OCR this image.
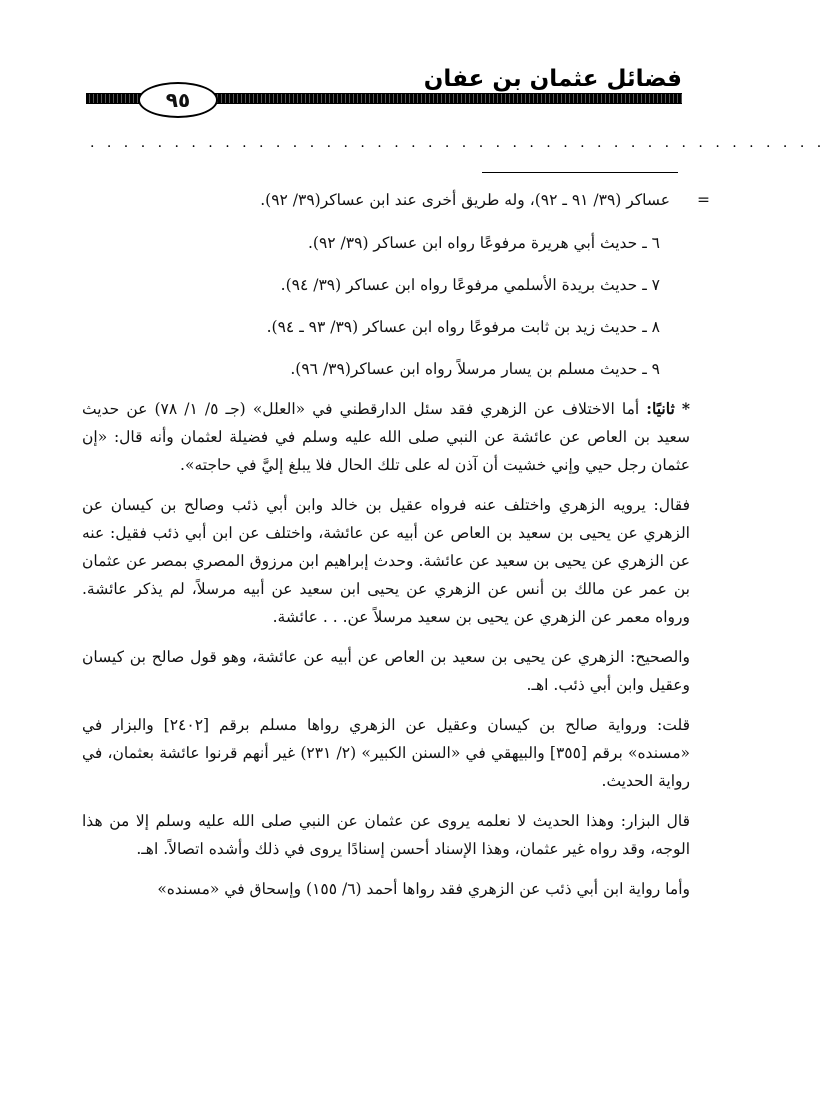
فضائل عثمان بن عفان
٩٥
. . . . . . . . . . . . . . . . . . . . . . . . . . . . . . . . . . . . . . . . . . . .

=
عساكر (٣٩/ ٩١ ـ ٩٢)، وله طريق أخرى عند ابن عساكر(٣٩/ ٩٢).

٦ ـ حديث أبي هريرة مرفوعًا رواه ابن عساكر (٣٩/ ٩٢).

٧ ـ حديث بريدة الأسلمي مرفوعًا رواه ابن عساكر (٣٩/ ٩٤).

٨ ـ حديث زيد بن ثابت مرفوعًا رواه ابن عساكر (٣٩/ ٩٣ ـ ٩٤).

٩ ـ حديث مسلم بن يسار مرسلاً رواه ابن عساكر(٣٩/ ٩٦).

* ثانيًا: أما الاختلاف عن الزهري فقد سئل الدارقطني في «العلل» (جـ ٥/ ١/ ٧٨) عن حديث سعيد بن العاص عن عائشة عن النبي صلى الله عليه وسلم في فضيلة لعثمان وأنه قال: «إن عثمان رجل حيي وإني خشيت أن آذن له على تلك الحال فلا يبلغ إليَّ في حاجته».

فقال: يرويه الزهري واختلف عنه فرواه عقيل بن خالد وابن أبي ذئب وصالح بن كيسان عن الزهري عن يحيى بن سعيد بن العاص عن أبيه عن عائشة، واختلف عن ابن أبي ذئب فقيل: عنه عن الزهري عن يحيى بن سعيد عن عائشة. وحدث إبراهيم ابن مرزوق المصري بمصر عن عثمان بن عمر عن مالك بن أنس عن الزهري عن يحيى ابن سعيد عن أبيه مرسلاً، لم يذكر عائشة. ورواه معمر عن الزهري عن يحيى بن سعيد مرسلاً عن. . . عائشة.

والصحيح: الزهري عن يحيى بن سعيد بن العاص عن أبيه عن عائشة، وهو قول صالح بن كيسان وعقيل وابن أبي ذئب. اهـ.

قلت: ورواية صالح بن كيسان وعقيل عن الزهري رواها مسلم برقم [٢٤٠٢] والبزار في «مسنده» برقم [٣٥٥] والبيهقي في «السنن الكبير» (٢/ ٢٣١) غير أنهم قرنوا عائشة بعثمان، في رواية الحديث.

قال البزار: وهذا الحديث لا نعلمه يروى عن عثمان عن النبي صلى الله عليه وسلم إلا من هذا الوجه، وقد رواه غير عثمان، وهذا الإسناد أحسن إسنادًا يروى في ذلك وأشده اتصالاً. اهـ.

وأما رواية ابن أبي ذئب عن الزهري فقد رواها أحمد (٦/ ١٥٥) وإسحاق في «مسنده»
